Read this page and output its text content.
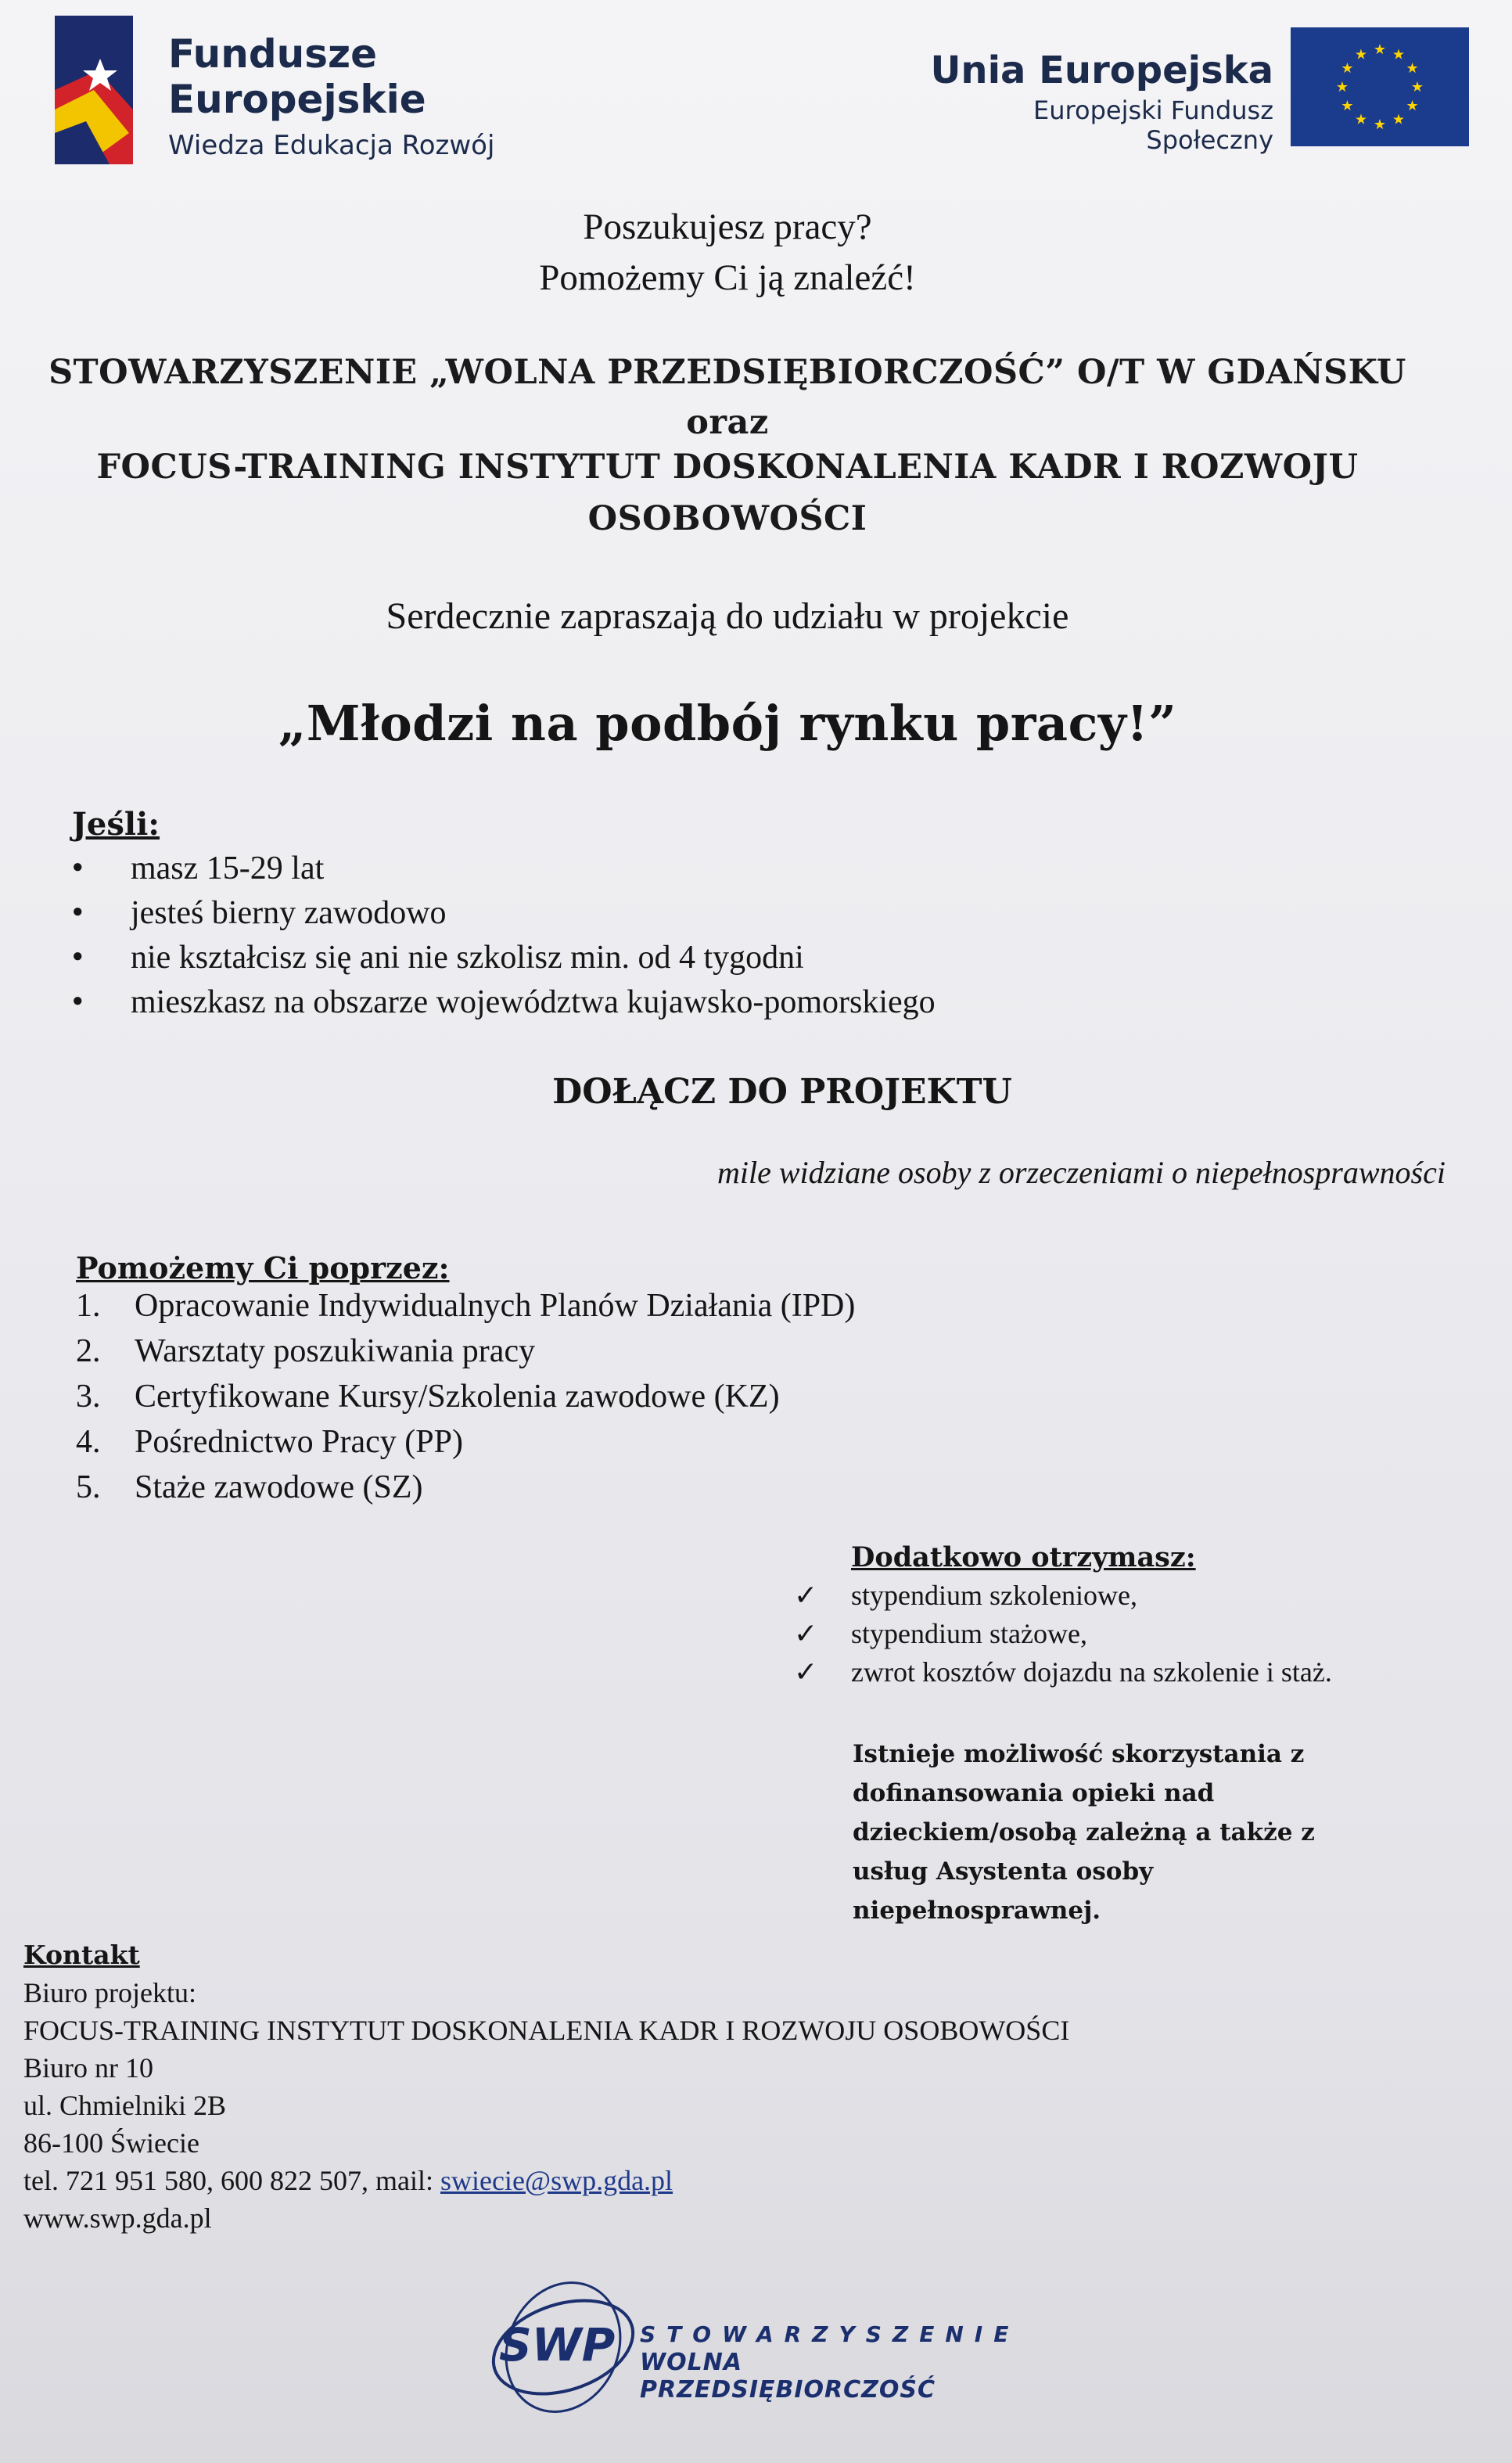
Fundusze
Europejskie
Wiedza Edukacja Rozwój
Unia Europejska
Europejski Fundusz Społeczny
★
★
★
★
★
★
★
★
★ ★ ★
★
Poszukujesz pracy?
Pomożemy Ci ją znaleźć!
STOWARZYSZENIE „WOLNA PRZEDSIĘBIORCZOŚĆ” O/T W GDAŃSKU
oraz
FOCUS-TRAINING INSTYTUT DOSKONALENIA KADR I ROZWOJU
OSOBOWOŚCI
Serdecznie zapraszają do udziału w projekcie
„Młodzi na podbój rynku pracy!”
Jeśli:
● masz 15-29 lat
● jesteś bierny zawodowo
● nie kształcisz się ani nie szkolisz min. od 4 tygodni
● mieszkasz na obszarze województwa kujawsko-pomorskiego
DOŁĄCZ DO PROJEKTU
mile widziane osoby z orzeczeniami o niepełnosprawności
Pomożemy Ci poprzez:
1. Opracowanie Indywidualnych Planów Działania (IPD)
2. Warsztaty poszukiwania pracy
3. Certyfikowane Kursy/Szkolenia zawodowe (KZ)
4. Pośrednictwo Pracy (PP)
5. Staże zawodowe (SZ)
Dodatkowo otrzymasz:
✓ stypendium szkoleniowe,
✓ stypendium stażowe,
✓ zwrot kosztów dojazdu na szkolenie i staż.
Istnieje możliwość skorzystania z
dofinansowania opieki nad
dzieckiem/osobą zależną a także z
usług Asystenta osoby
niepełnosprawnej.
Kontakt
Biuro projektu:
FOCUS-TRAINING INSTYTUT DOSKONALENIA KADR I ROZWOJU OSOBOWOŚCI
Biuro nr 10
ul. Chmielniki 2B
86-100 Świecie
tel. 721 951 580, 600 822 507, mail: swiecie@swp.gda.pl
www.swp.gda.pl
SWP STOWARZYSZENIE
WOLNA PRZEDSIĘBIORCZOŚĆ
